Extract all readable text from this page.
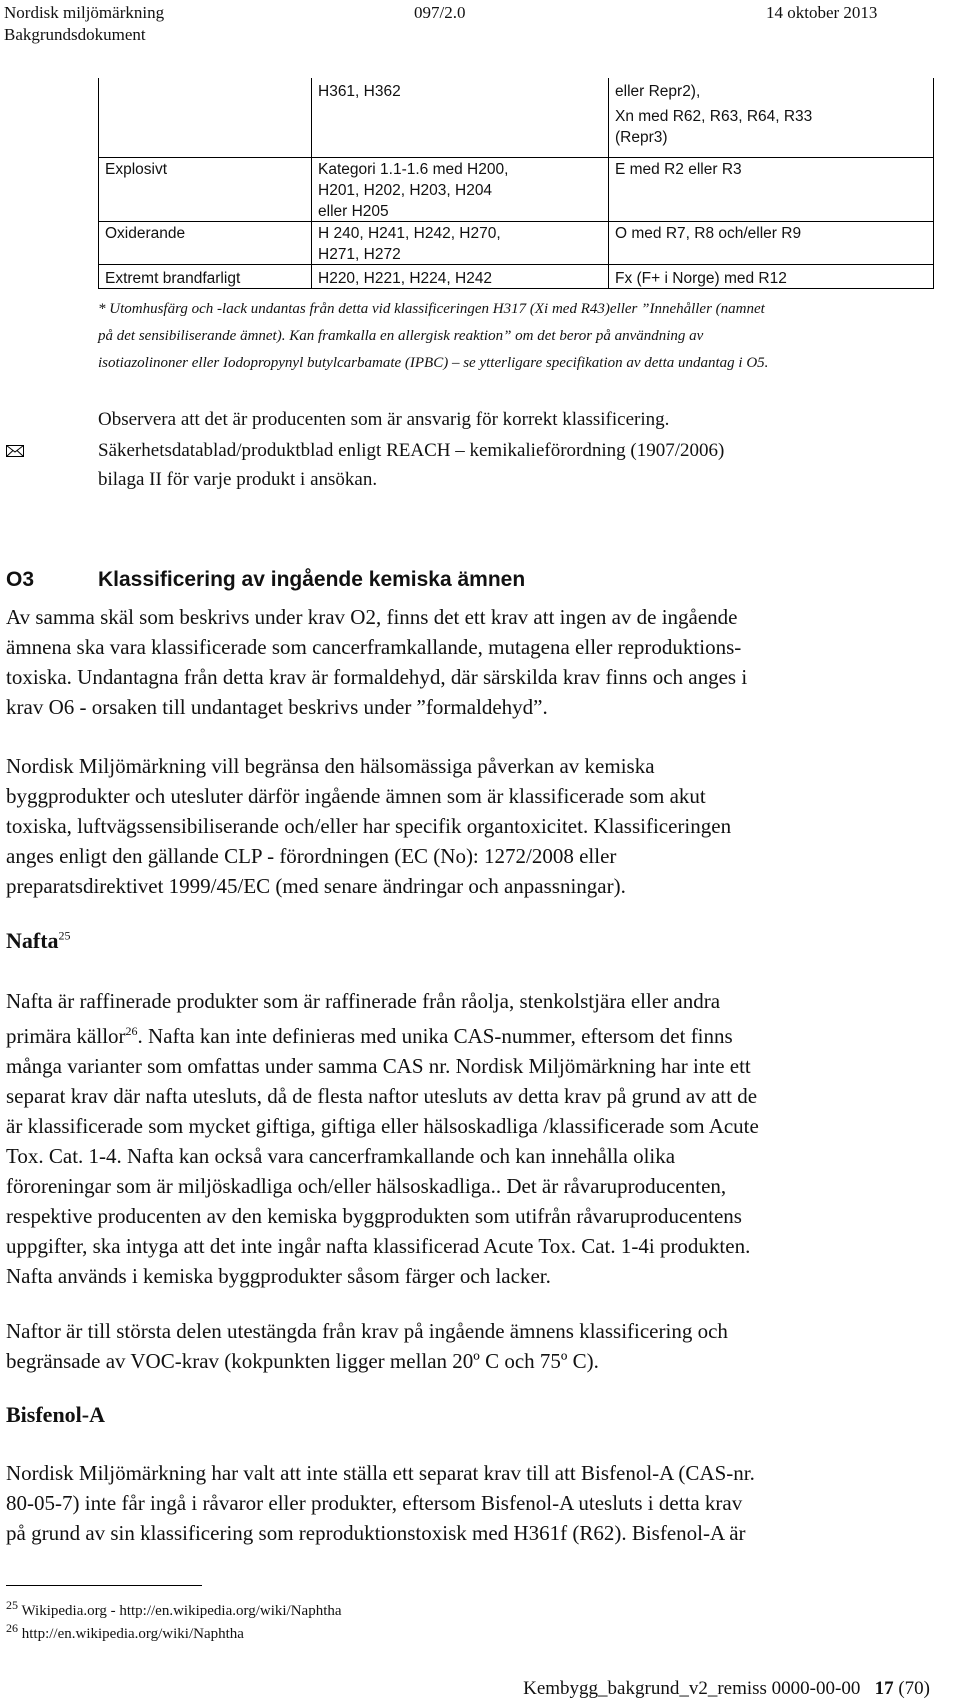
Nordisk miljömärkning
Bakgrundsdokument
097/2.0	14 oktober 2013
	H361, H362	eller Repr2),
Xn med R62, R63, R64, R33
(Repr3)

Explosivt	Kategori 1.1-1.6 med H200,
H201, H202, H203, H204
eller H205	E med R2 eller R3
Oxiderande	H 240, H241, H242, H270,
H271, H272	O med R7, R8 och/eller R9
Extremt brandfarligt	H220, H221, H224, H242	Fx (F+ i Norge) med R12
* Utomhusfärg och -lack undantas från detta vid klassificeringen H317 (Xi med R43)eller ”Innehåller (namnet
på det sensibiliserande ämnet). Kan framkalla en allergisk reaktion” om det beror på användning av
isotiazolinoner eller Iodopropynyl butylcarbamate (IPBC) – se ytterligare specifikation av detta undantag i O5.
Observera att det är producenten som är ansvarig för korrekt klassificering.
Säkerhetsdatablad/produktblad enligt REACH – kemikalieförordning (1907/2006)
bilaga II för varje produkt i ansökan.
O3	Klassificering av ingående kemiska ämnen
Av samma skäl som beskrivs under krav O2, finns det ett krav att ingen av de ingående
ämnena ska vara klassificerade som cancerframkallande, mutagena eller reproduktions-
toxiska. Undantagna från detta krav är formaldehyd, där särskilda krav finns och anges i
krav O6 - orsaken till undantaget beskrivs under ”formaldehyd”.
Nordisk Miljömärkning vill begränsa den hälsomässiga påverkan av kemiska
byggprodukter och utesluter därför ingående ämnen som är klassificerade som akut
toxiska, luftvägssensibiliserande och/eller har specifik organtoxicitet. Klassificeringen
anges enligt den gällande CLP - förordningen (EC (No): 1272/2008 eller
preparatsdirektivet 1999/45/EC (med senare ändringar och anpassningar).
Nafta$^{25}$
Nafta är raffinerade produkter som är raffinerade från råolja, stenkolstjära eller andra
primära källor$^{26}$. Nafta kan inte definieras med unika CAS-nummer, eftersom det finns
många varianter som omfattas under samma CAS nr. Nordisk Miljömärkning har inte ett
separat krav där nafta utesluts, då de flesta naftor utesluts av detta krav på grund av att de
är klassificerade som mycket giftiga, giftiga eller hälsoskadliga /klassificerade som Acute
Tox. Cat. 1-4. Nafta kan också vara cancerframkallande och kan innehålla olika
föroreningar som är miljöskadliga och/eller hälsoskadliga.. Det är råvaruproducenten,
respektive producenten av den kemiska byggprodukten som utifrån råvaruproducentens
uppgifter, ska intyga att det inte ingår nafta klassificerad Acute Tox. Cat. 1-4i produkten.
Nafta används i kemiska byggprodukter såsom färger och lacker.
Naftor är till största delen utestängda från krav på ingående ämnens klassificering och
begränsade av VOC-krav (kokpunkten ligger mellan 20º C och 75º C).
Bisfenol-A
Nordisk Miljömärkning har valt att inte ställa ett separat krav till att Bisfenol-A (CAS-nr.
80-05-7) inte får ingå i råvaror eller produkter, eftersom Bisfenol-A utesluts i detta krav
på grund av sin klassificering som reproduktionstoxisk med H361f (R62). Bisfenol-A är
$^{25}$ Wikipedia.org - http://en.wikipedia.org/wiki/Naphtha
$^{26}$ http://en.wikipedia.org/wiki/Naphtha
Kembygg_bakgrund_v2_remiss 0000-00-00 17 (70)
